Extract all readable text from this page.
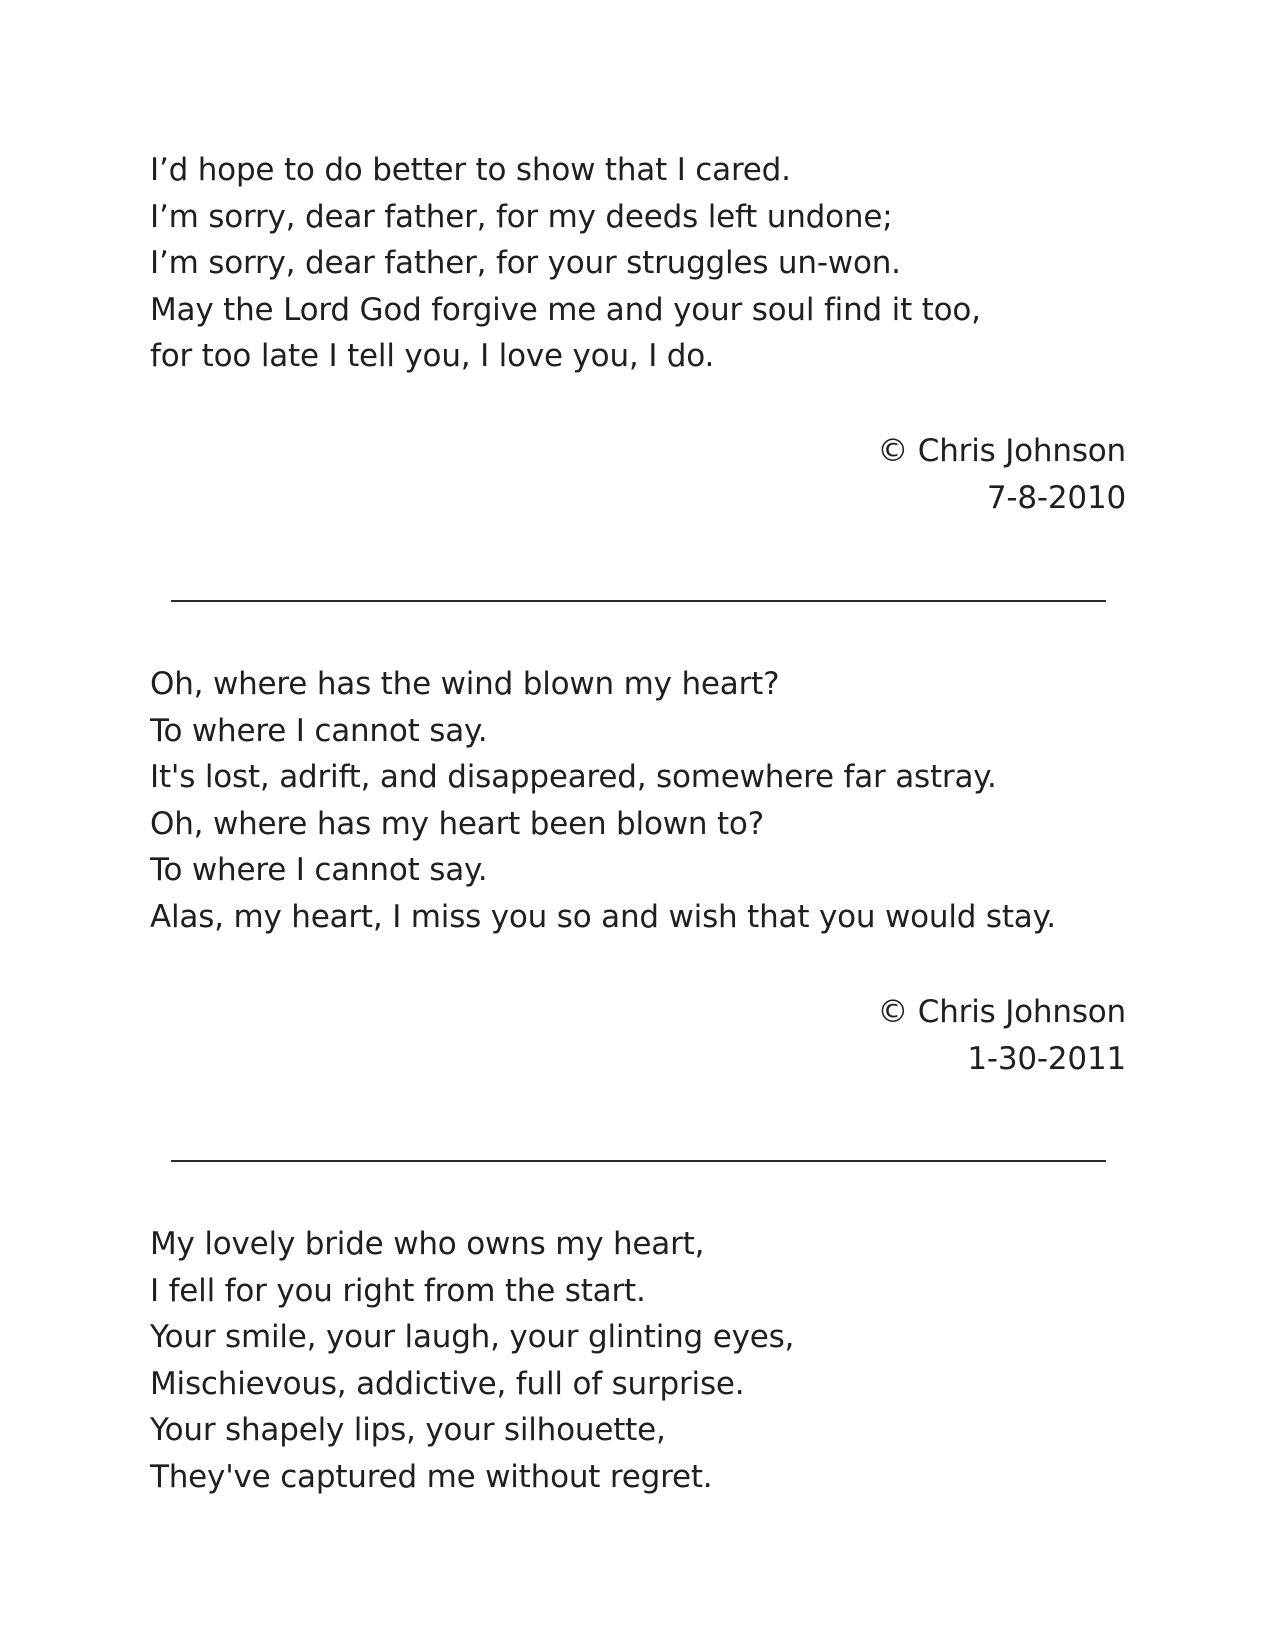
I’d hope to do better to show that I cared.
I’m sorry, dear father, for my deeds left undone;
I’m sorry, dear father, for your struggles un-won.
May the Lord God forgive me and your soul find it too,
for too late I tell you, I love you, I do.
© Chris Johnson
7-8-2010
Oh, where has the wind blown my heart?
To where I cannot say.
It's lost, adrift, and disappeared, somewhere far astray.
Oh, where has my heart been blown to?
To where I cannot say.
Alas, my heart, I miss you so and wish that you would stay.
© Chris Johnson
1-30-2011
My lovely bride who owns my heart,
I fell for you right from the start.
Your smile, your laugh, your glinting eyes,
Mischievous, addictive, full of surprise.
Your shapely lips, your silhouette,
They've captured me without regret.
